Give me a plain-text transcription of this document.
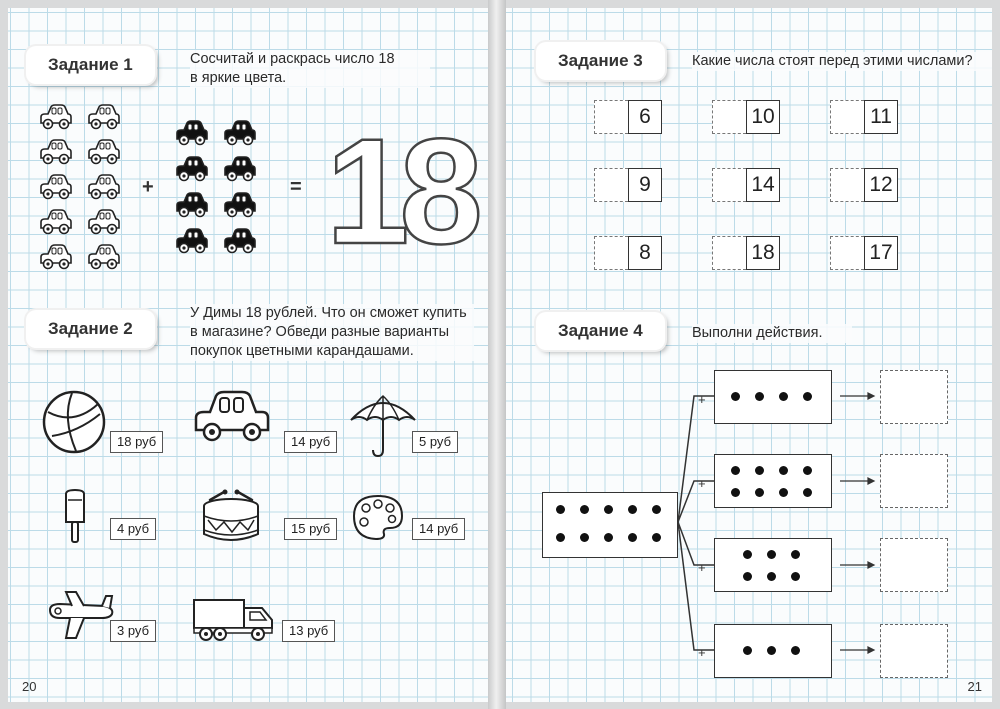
Задание 1	Сосчитай и раскрась число 18
в яркие цвета.
+	= 18
Задание 2
У Димы 18 рублей. Что он сможет купить
в магазине? Обведи разные варианты
покупок цветными карандашами.
18 руб	14 руб	5 руб
4 руб	15 руб	14 руб
3 руб	13 руб
20
Задание 3	Какие числа стоят перед этими числами?
6	10	11
9	14	12
8	18	17
Задание 4	Выполни действия.
+
+
+
+
21
